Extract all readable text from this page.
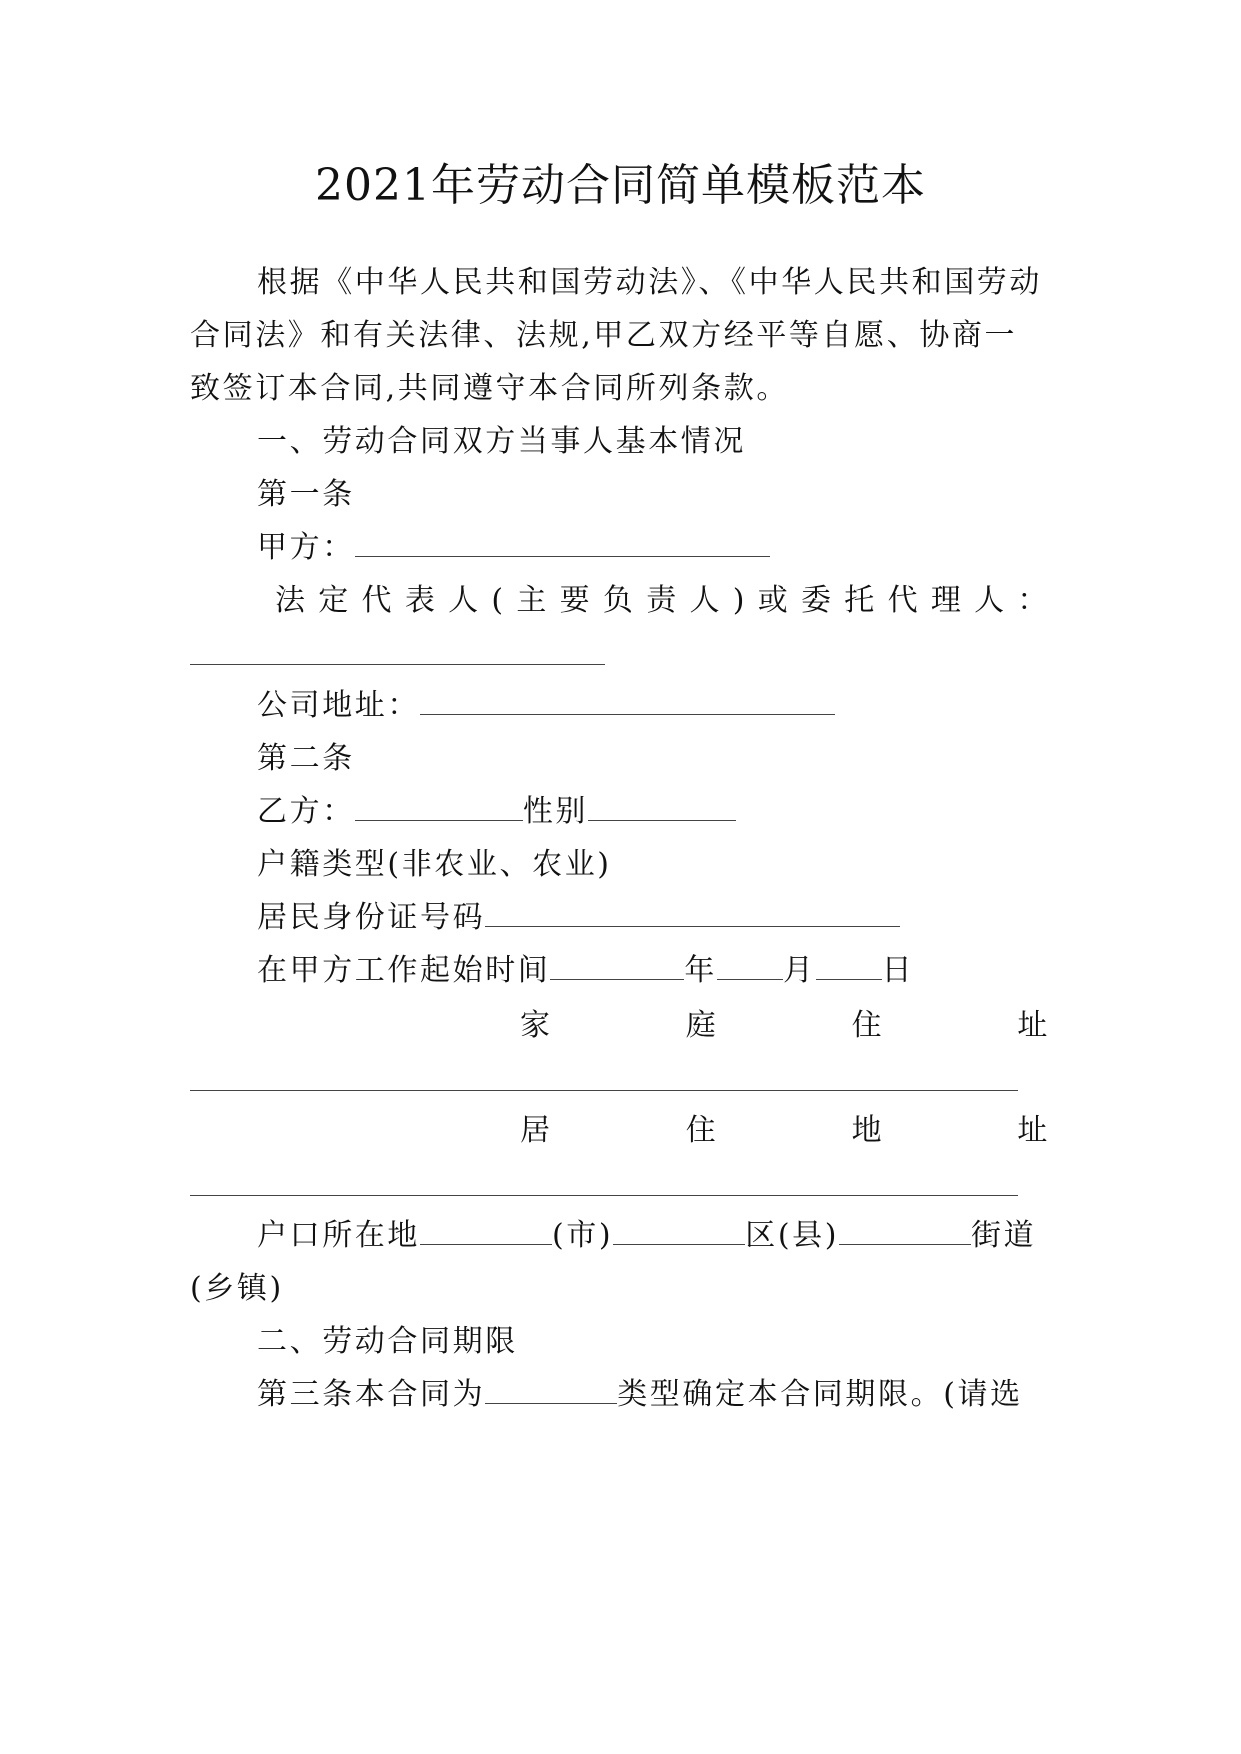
2021年劳动合同简单模板范本
根据《中华人民共和国劳动法》、《中华人民共和国劳动
合同法》和有关法律、法规,甲乙双方经平等自愿、协商一
致签订本合同,共同遵守本合同所列条款。
一、劳动合同双方当事人基本情况
第一条
甲方：
法定代表人(主要负责人)或委托代理人：
公司地址：
第二条
乙方：	性别
户籍类型(非农业、农业)
居民身份证号码
在甲方工作起始时间	年 月 日
家庭住址
居住地址
户口所在地	(市)	区(县)	街道
(乡镇)
二、劳动合同期限
第三条本合同为	类型确定本合同期限。(请选
